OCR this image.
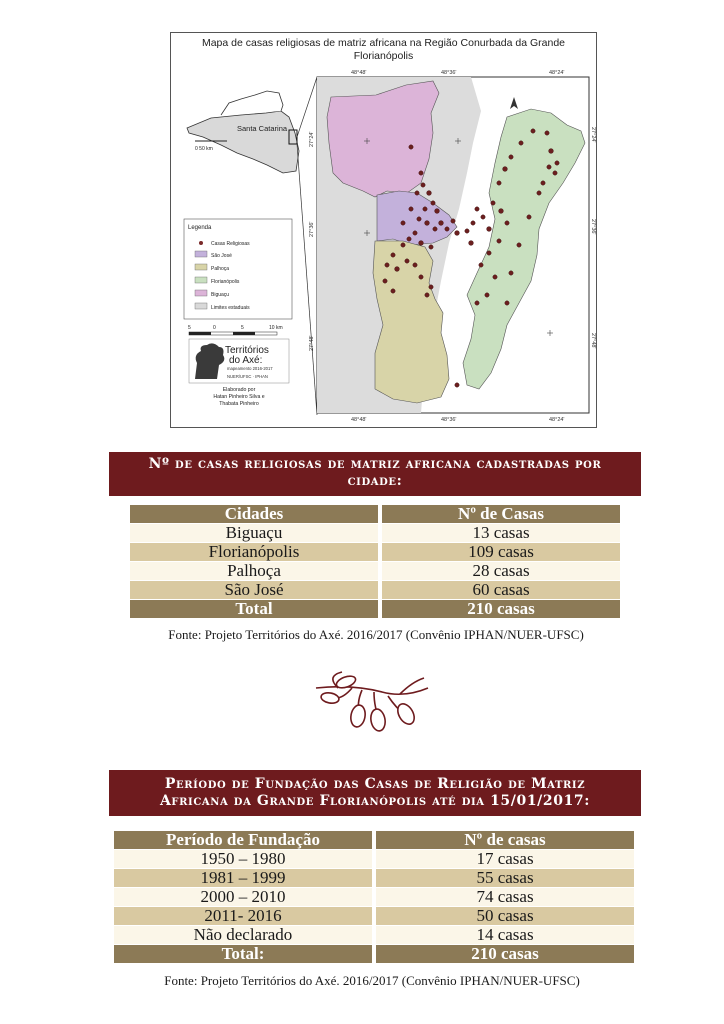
Mapa de casas religiosas de matriz africana na Região Conurbada da Grande
Florianópolis
Santa Catarina
0 50 km
48°48'	48°36'	48°24'
48°48'	48°36'	48°24'
27°24'
27°36'
27°48'
27°24'
27°36'
27°48'
Legenda
Casas Religiosas
São José
Palhoça
Florianópolis
Biguaçu
Limites estaduais
5	0	5	10 km
Territórios
do Axé:
mapeamento 2016-2017
NUER/UFSC · IPHAN
Elaborado por
Hatan Pinheiro Silva e
Thabata Pinheiro
Nº de casas religiosas de matriz africana cadastradas por
cidade:
Cidades	Nº de Casas
Biguaçu	13 casas
Florianópolis	109 casas
Palhoça	28 casas
São José	60 casas
Total	210 casas
Fonte: Projeto Territórios do Axé. 2016/2017 (Convênio IPHAN/NUER-UFSC)
Período de Fundação das Casas de Religião de Matriz
Africana da Grande Florianópolis até dia 15/01/2017:
Período de Fundação	Nº de casas
1950 – 1980	17 casas
1981 – 1999	55 casas
2000 – 2010	74 casas
2011- 2016	50 casas
Não declarado	14 casas
Total:	210 casas
Fonte: Projeto Territórios do Axé. 2016/2017 (Convênio IPHAN/NUER-UFSC)
